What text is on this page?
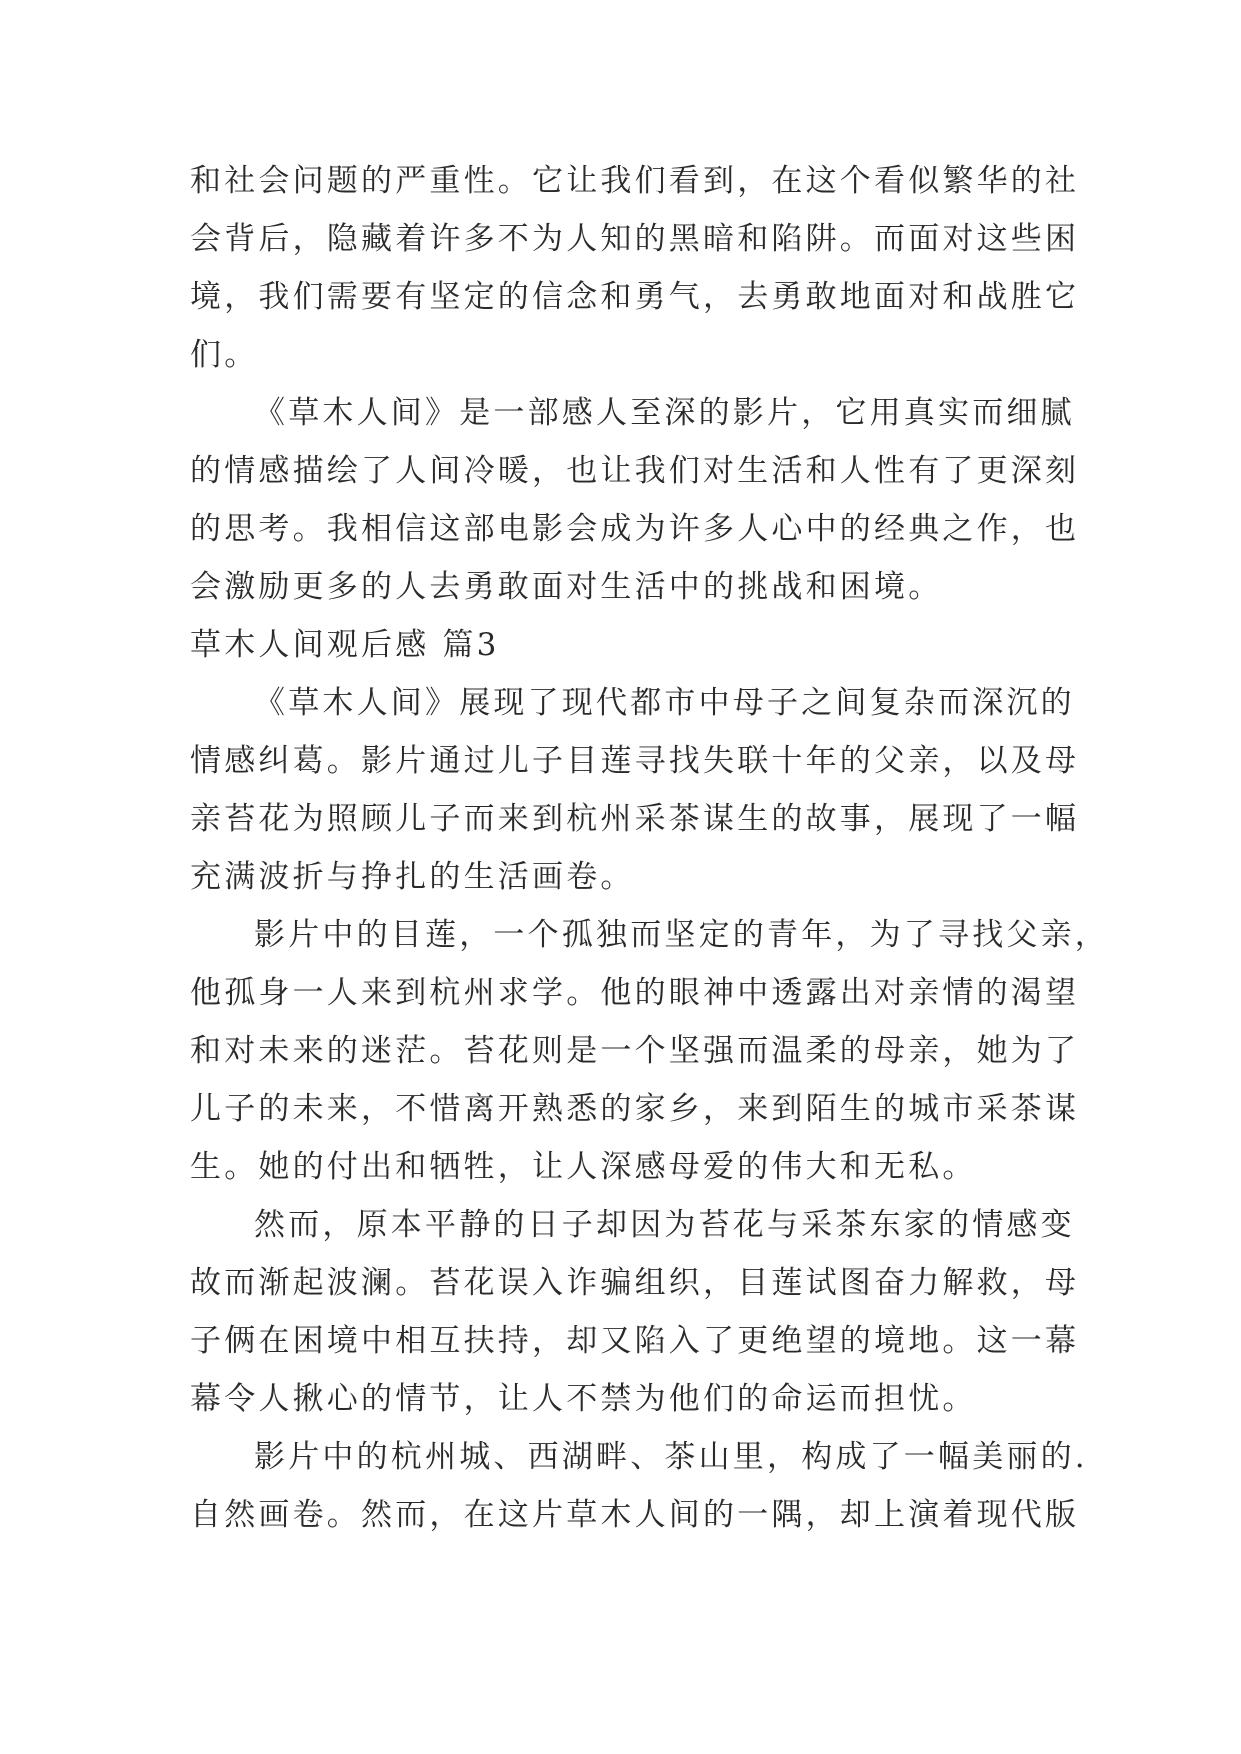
和社会问题的严重性。它让我们看到，在这个看似繁华的社
会背后，隐藏着许多不为人知的黑暗和陷阱。而面对这些困
境，我们需要有坚定的信念和勇气，去勇敢地面对和战胜它
们。
《草木人间》是一部感人至深的影片，它用真实而细腻
的情感描绘了人间冷暖，也让我们对生活和人性有了更深刻
的思考。我相信这部电影会成为许多人心中的经典之作，也
会激励更多的人去勇敢面对生活中的挑战和困境。
草木人间观后感 篇3
《草木人间》展现了现代都市中母子之间复杂而深沉的
情感纠葛。影片通过儿子目莲寻找失联十年的父亲，以及母
亲苔花为照顾儿子而来到杭州采茶谋生的故事，展现了一幅
充满波折与挣扎的生活画卷。
影片中的目莲，一个孤独而坚定的青年，为了寻找父亲，
他孤身一人来到杭州求学。他的眼神中透露出对亲情的渴望
和对未来的迷茫。苔花则是一个坚强而温柔的母亲，她为了
儿子的未来，不惜离开熟悉的家乡，来到陌生的城市采茶谋
生。她的付出和牺牲，让人深感母爱的伟大和无私。
然而，原本平静的日子却因为苔花与采茶东家的情感变
故而渐起波澜。苔花误入诈骗组织，目莲试图奋力解救，母
子俩在困境中相互扶持，却又陷入了更绝望的境地。这一幕
幕令人揪心的情节，让人不禁为他们的命运而担忧。
影片中的杭州城、西湖畔、茶山里，构成了一幅美丽的.
自然画卷。然而，在这片草木人间的一隅，却上演着现代版
